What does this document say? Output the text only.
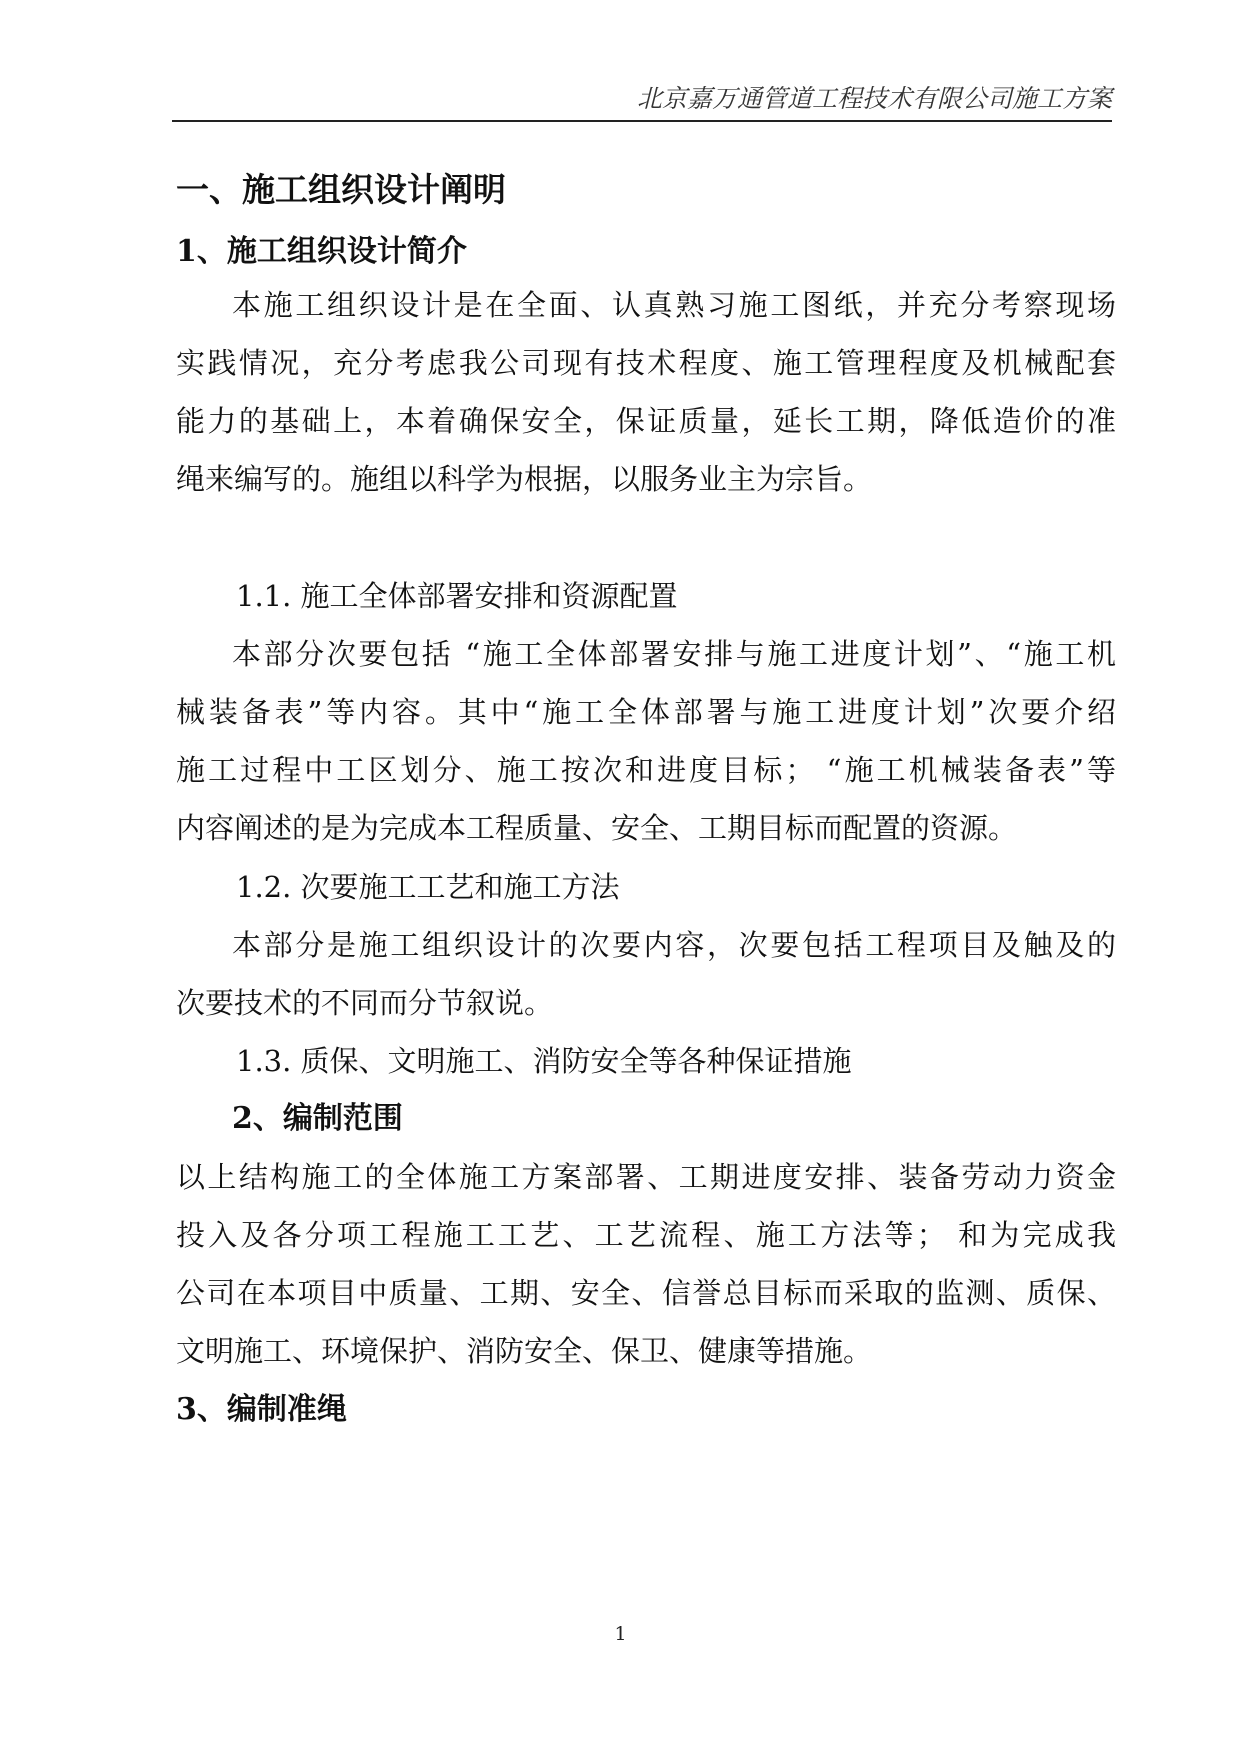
北京嘉万通管道工程技术有限公司施工方案
一、施工组织设计阐明
1、施工组织设计简介
本施工组织设计是在全面、认真熟习施工图纸，并充分考察现场
实践情况，充分考虑我公司现有技术程度、施工管理程度及机械配套
能力的基础上，本着确保安全，保证质量，延长工期，降低造价的准
绳来编写的。施组以科学为根据，以服务业主为宗旨。
1.1. 施工全体部署安排和资源配置
本部分次要包括 “施工全体部署安排与施工进度计划”、“施工机
械装备表”等内容。其中“施工全体部署与施工进度计划”次要介绍
施工过程中工区划分、施工按次和进度目标； “施工机械装备表”等
内容阐述的是为完成本工程质量、安全、工期目标而配置的资源。
1.2. 次要施工工艺和施工方法
本部分是施工组织设计的次要内容，次要包括工程项目及触及的
次要技术的不同而分节叙说。
1.3. 质保、文明施工、消防安全等各种保证措施
2、编制范围
以上结构施工的全体施工方案部署、工期进度安排、装备劳动力资金
投入及各分项工程施工工艺、工艺流程、施工方法等； 和为完成我
公司在本项目中质量、工期、安全、信誉总目标而采取的监测、质保、
文明施工、环境保护、消防安全、保卫、健康等措施。
3、编制准绳
1
